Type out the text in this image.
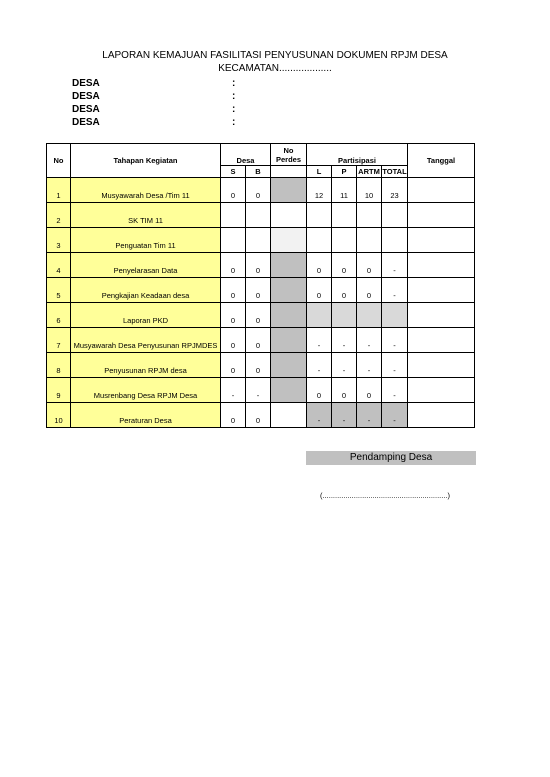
LAPORAN KEMAJUAN FASILITASI PENYUSUNAN DOKUMEN RPJM DESA
KECAMATAN...................
DESA	:
DESA	:
DESA	:
DESA	:
No	Tahapan Kegiatan	Desa		No Perdes	Partisipasi				Tanggal
		S	B		L	P	ARTM	TOTAL	
1	Musyawarah Desa /Tim 11	0	0		12	11	10	23	
2	SK TIM 11								
3	Penguatan Tim 11								
4	Penyelarasan Data	0	0		0	0	0	-	
5	Pengkajian Keadaan desa	0	0		0	0	0	-	
6	Laporan PKD	0	0						
7	Musyawarah Desa Penyusunan RPJMDES	0	0		-	-	-	-	
8	Penyusunan RPJM desa	0	0		-	-	-	-	
9	Musrenbang Desa RPJM Desa	-	-		0	0	0	-	
10	Peraturan Desa	0	0		-	-	-	-	
Pendamping Desa
(............................................................)
